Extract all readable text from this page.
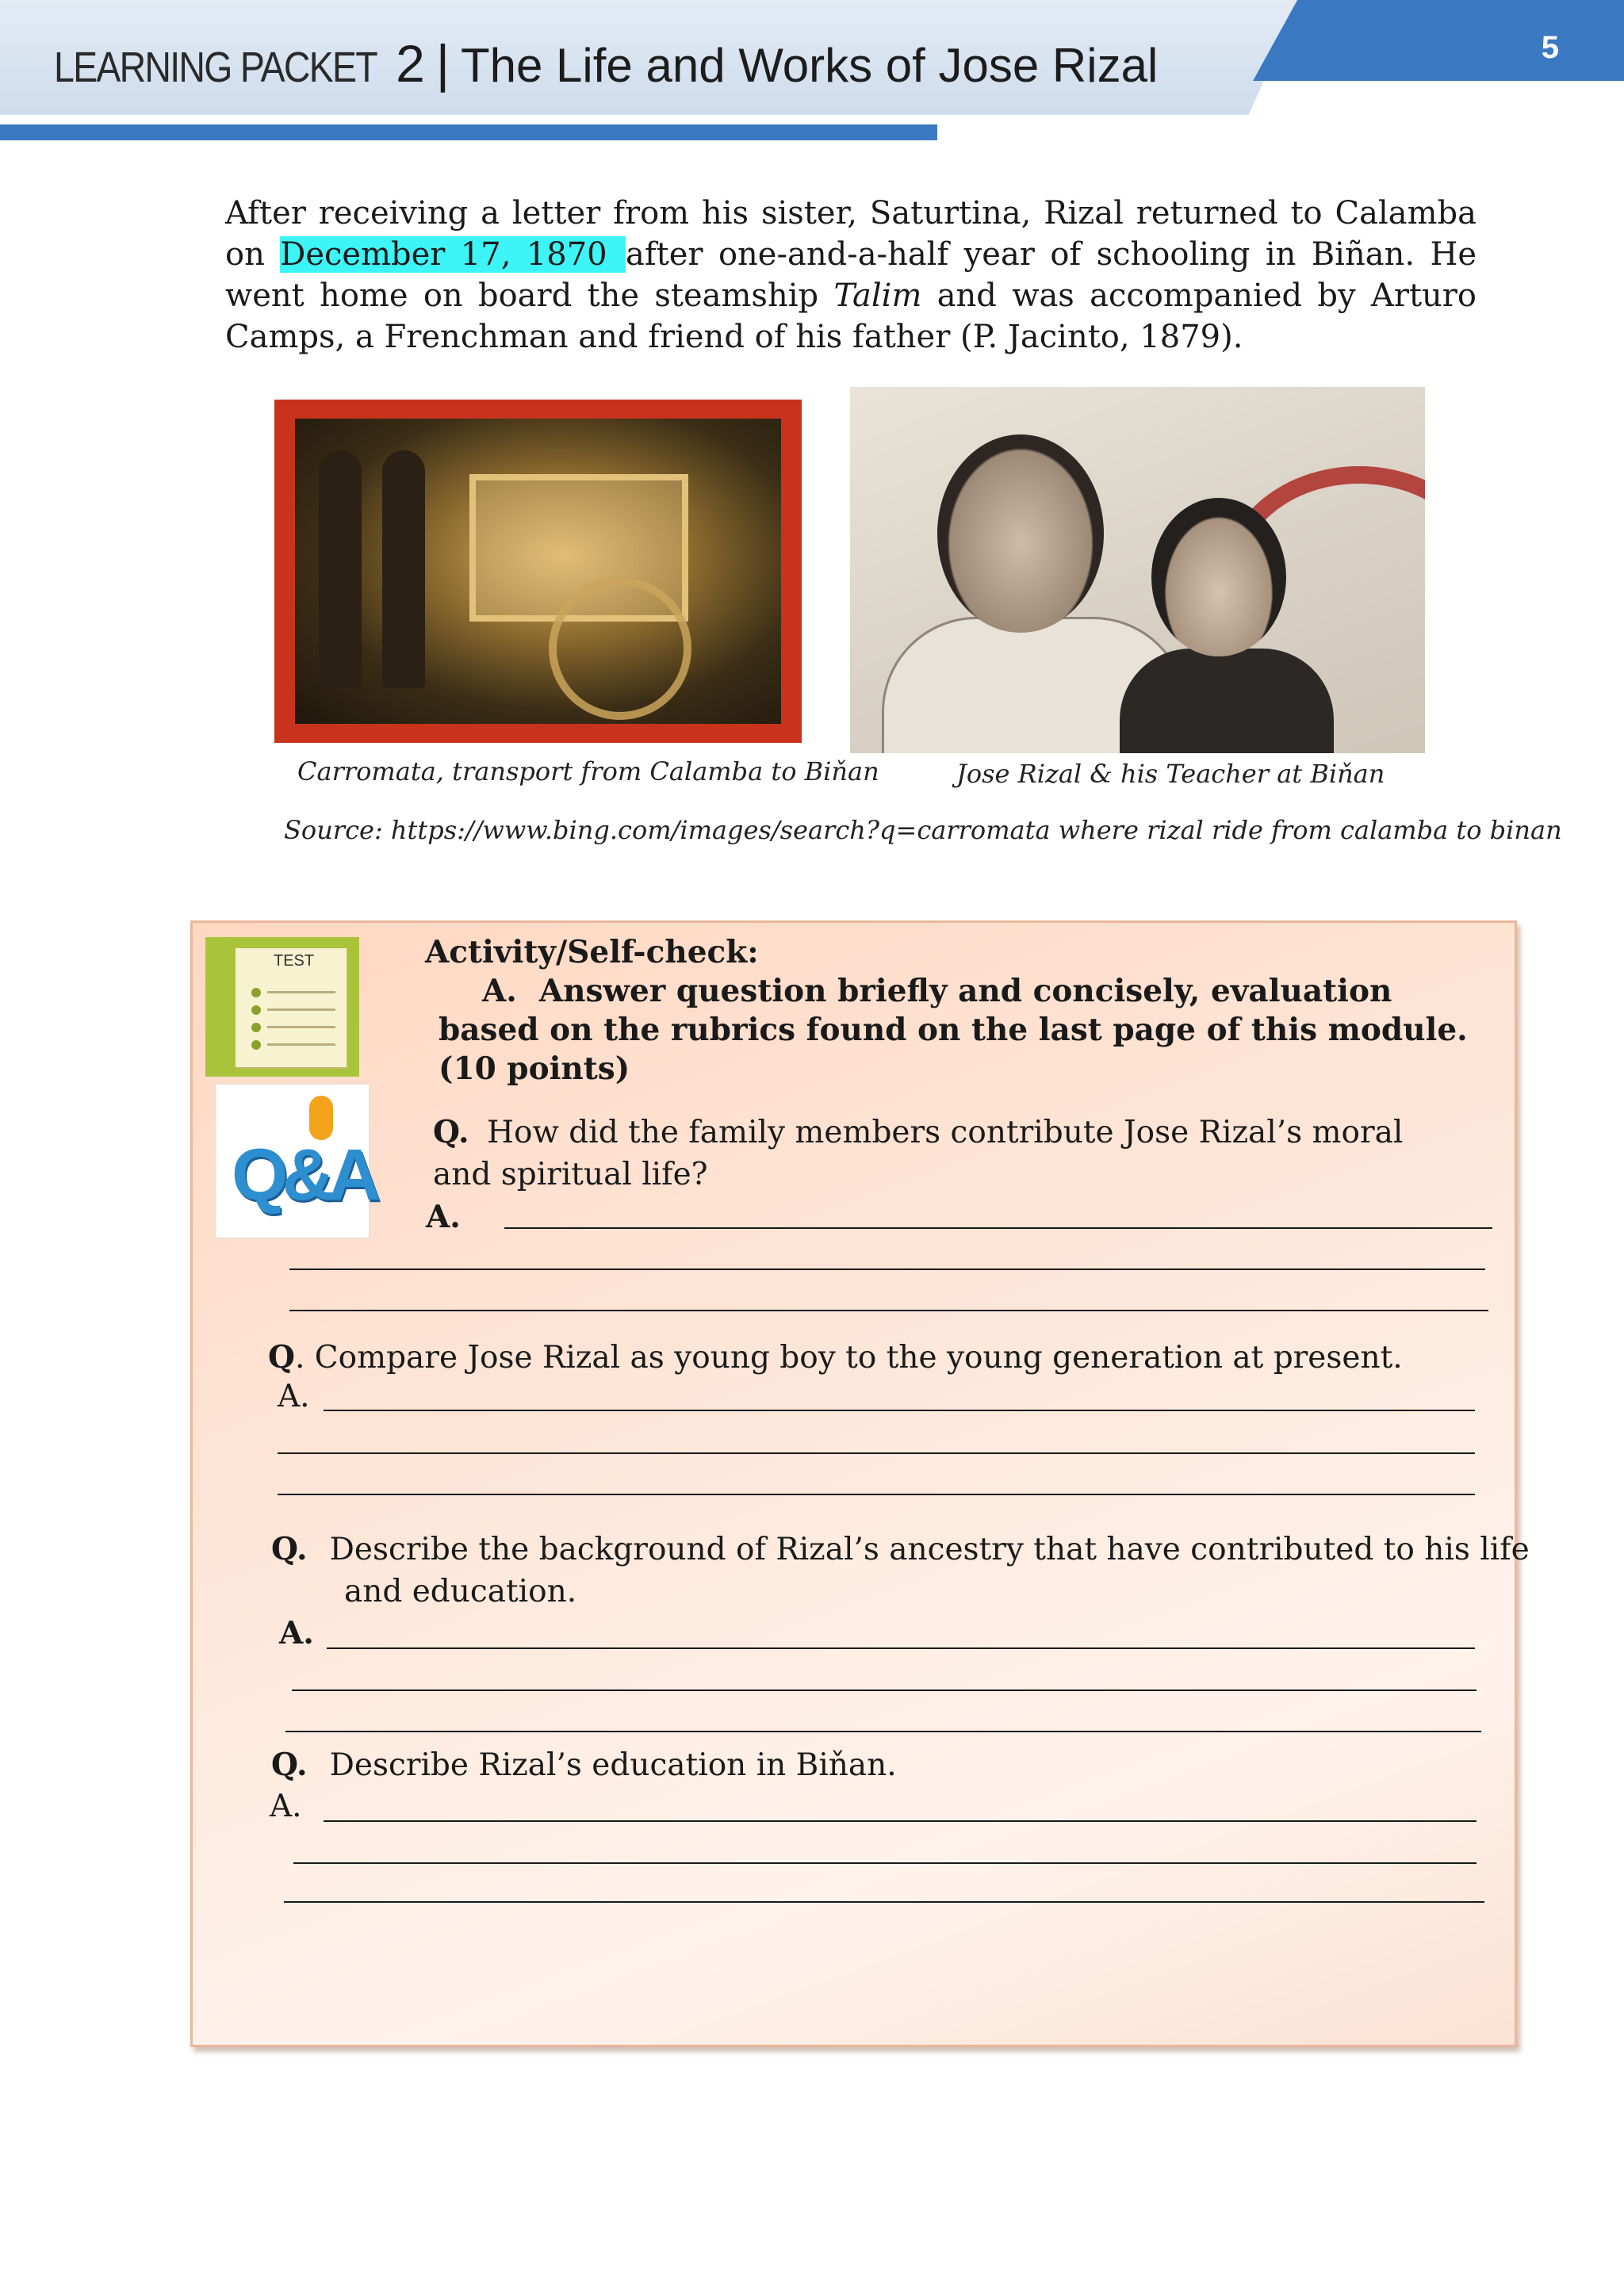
5
LEARNING PACKET 2 | The Life and Works of Jose Rizal

After receiving a letter from his sister, Saturtina, Rizal returned to Calamba on December 17, 1870 after one-and-a-half year of schooling in Biñan. He went home on board the steamship Talim and was accompanied by Arturo Camps, a Frenchman and friend of his father (P. Jacinto, 1879).

Carromata, transport from Calamba to Biňan	Jose Rizal & his Teacher at Biňan
Source: https://www.bing.com/images/search?q=carromata where rizal ride from calamba to binan
TEST
Q&A

Activity/Self-check:

A. Answer question briefly and concisely, evaluation based on the rubrics found on the last page of this module. (10 points)

Q. How did the family members contribute Jose Rizal’s moral and spiritual life?

A.

Q. Compare Jose Rizal as young boy to the young generation at present.

A.

Q. Describe the background of Rizal’s ancestry that have contributed to his life and education.

A.

Q. Describe Rizal’s education in Biňan.

A.
